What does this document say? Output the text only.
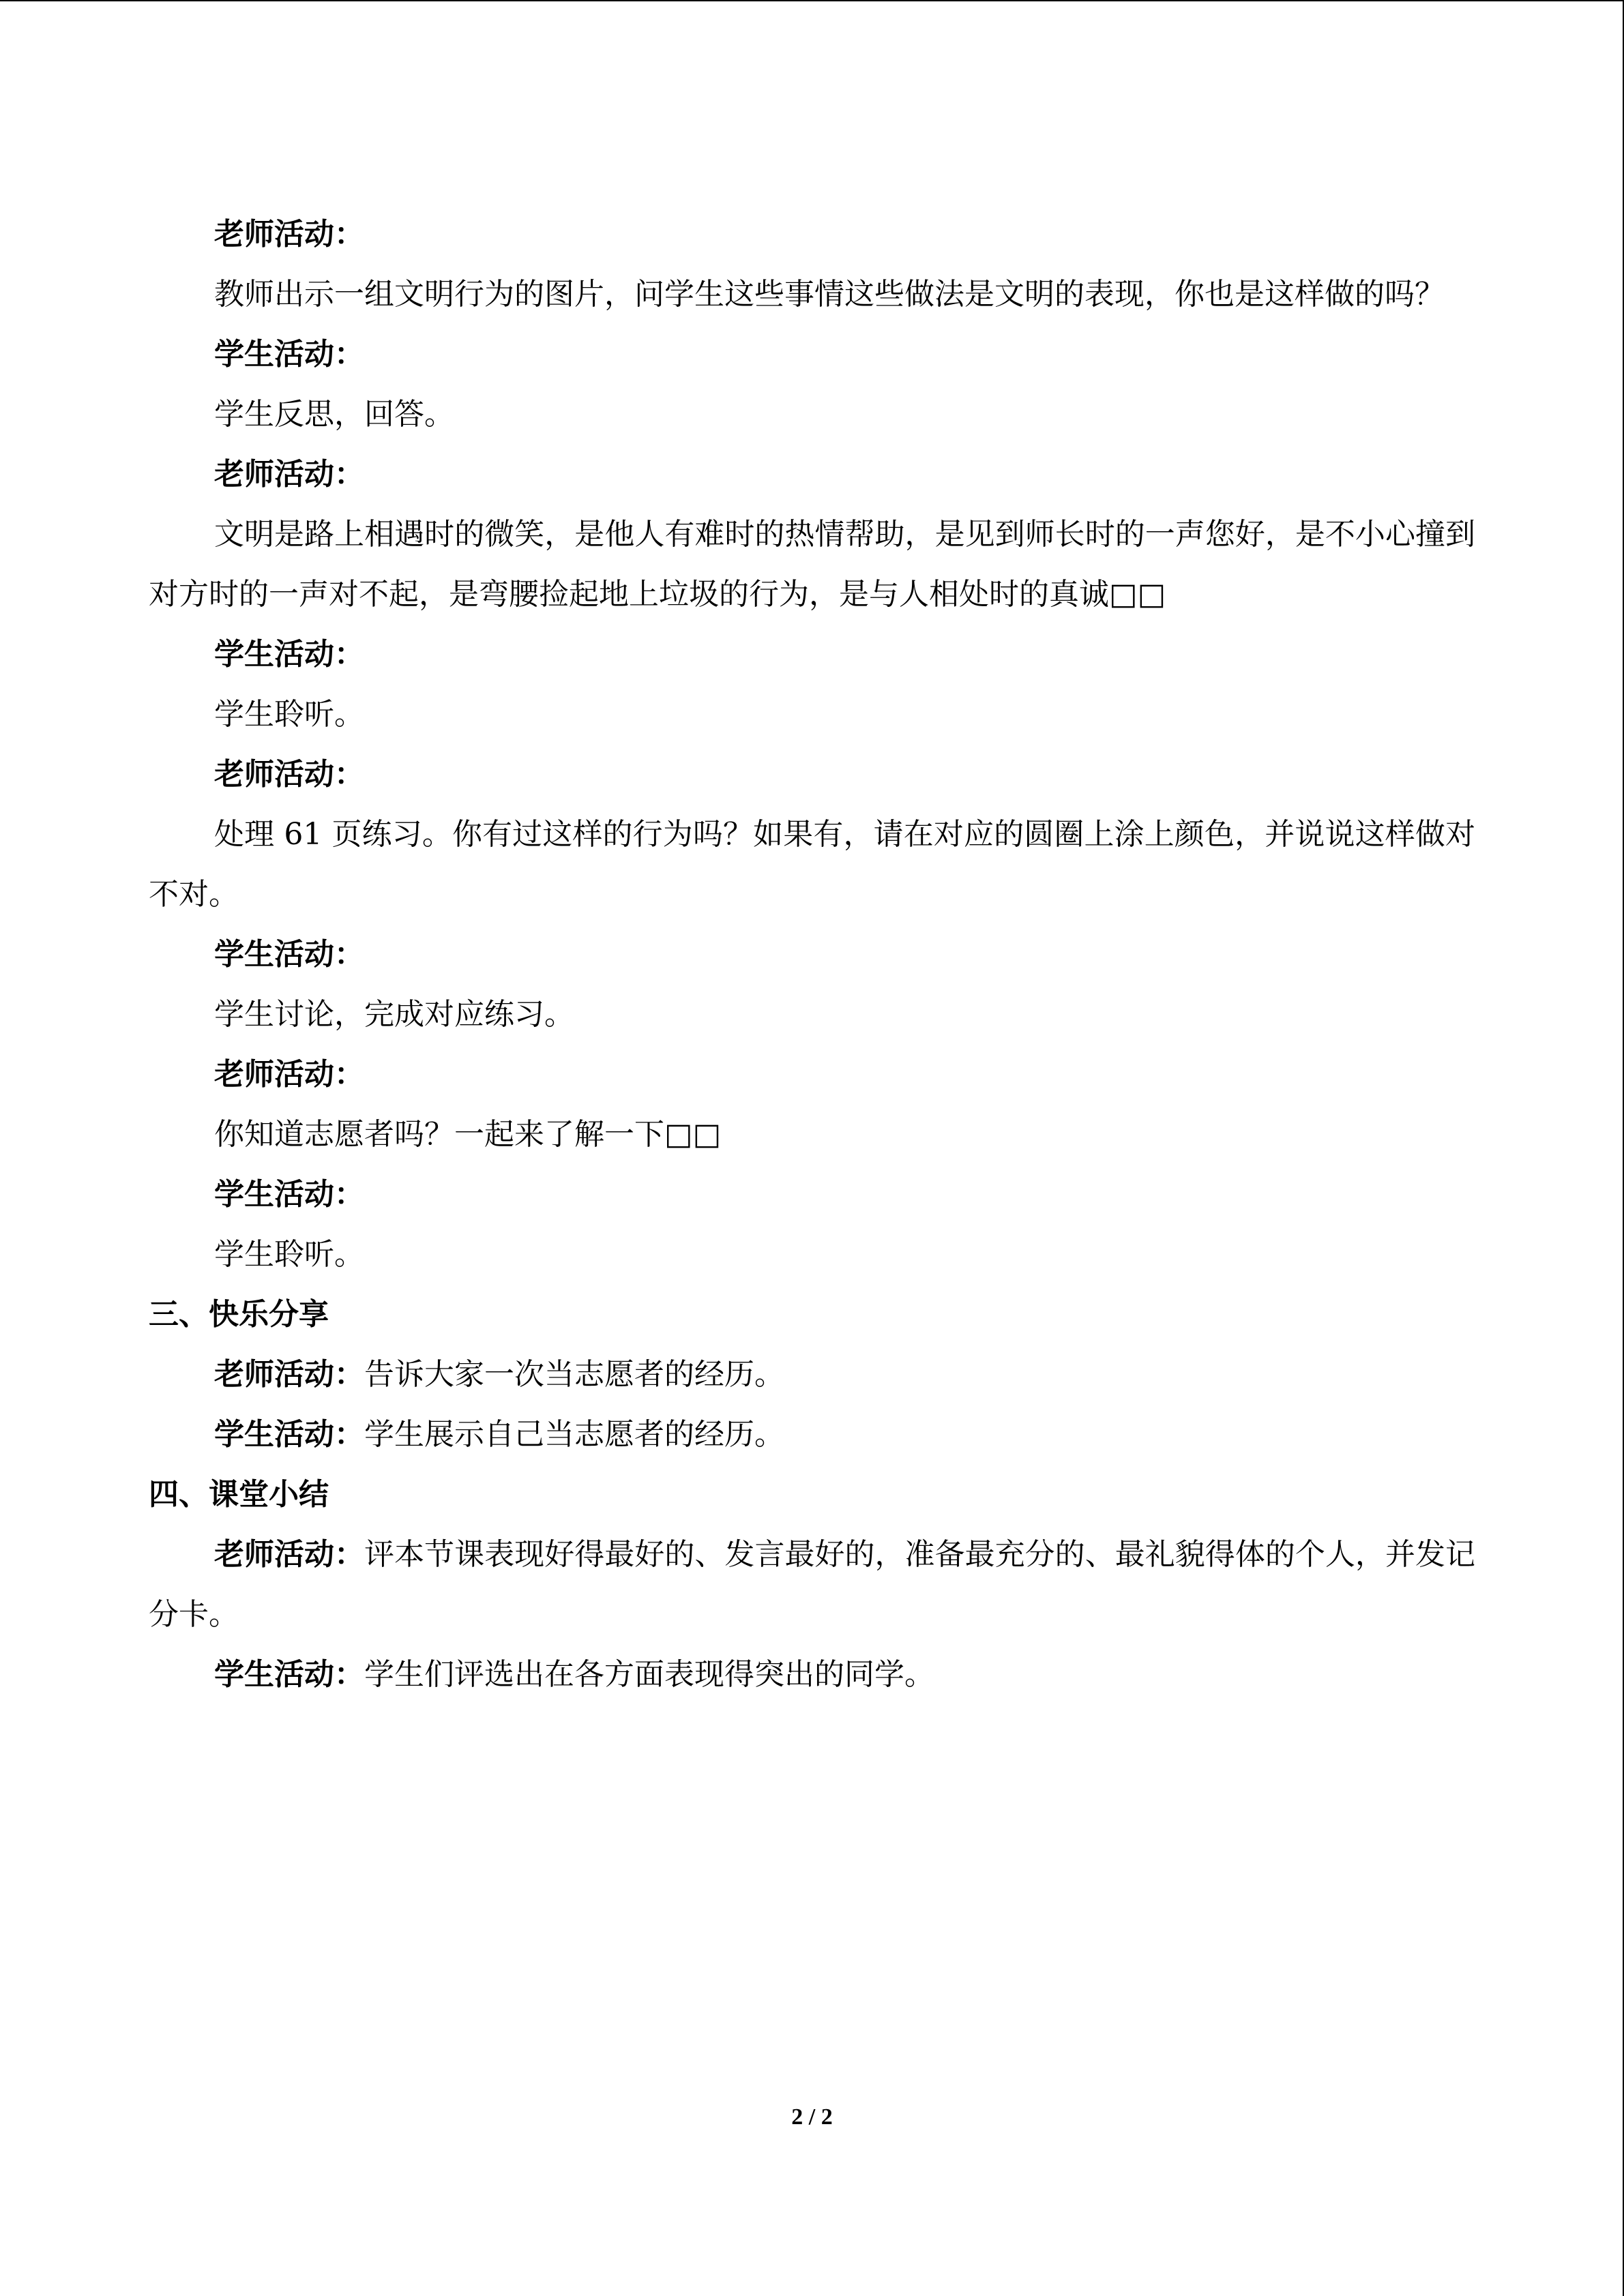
老师活动：

教师出示一组文明行为的图片，问学生这些事情这些做法是文明的表现，你也是这样做的吗？

学生活动：

学生反思，回答。

老师活动：

文明是路上相遇时的微笑，是他人有难时的热情帮助，是见到师长时的一声您好，是不小心撞到对方时的一声对不起，是弯腰捡起地上垃圾的行为，是与人相处时的真诚□□

学生活动：

学生聆听。

老师活动：

处理 61 页练习。你有过这样的行为吗？如果有，请在对应的圆圈上涂上颜色，并说说这样做对不对。

学生活动：

学生讨论，完成对应练习。

老师活动：

你知道志愿者吗？一起来了解一下□□

学生活动：

学生聆听。

三、快乐分享

老师活动：告诉大家一次当志愿者的经历。

学生活动：学生展示自己当志愿者的经历。

四、课堂小结

老师活动：评本节课表现好得最好的、发言最好的，准备最充分的、最礼貌得体的个人，并发记分卡。

学生活动：学生们评选出在各方面表现得突出的同学。

2 / 2
